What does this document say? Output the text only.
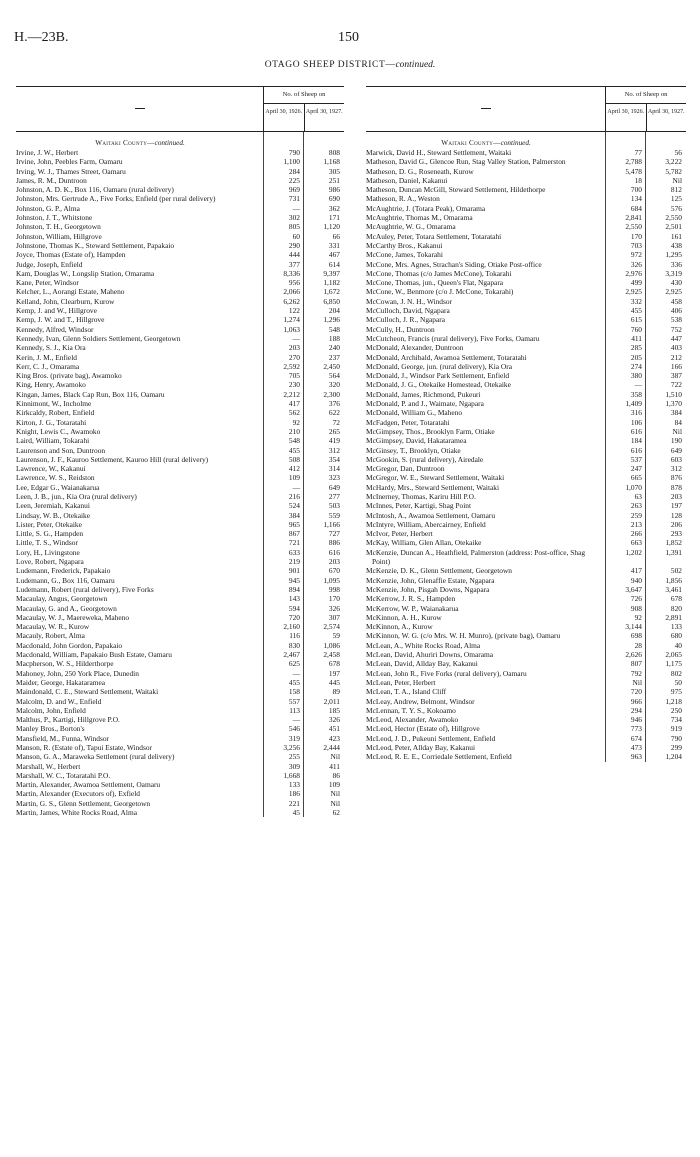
H.—23B.	150
OTAGO SHEEP DISTRICT—continued.
No. of Sheep on
April 30, 1926. April 30, 1927.
Waitaki County—continued.
Irvine, J. W., Herbert	790	808
Irvine, John, Peebles Farm, Oamaru	1,100	1,168
Irving, W. J., Thames Street, Oamaru	284	305
James, R. M., Duntroon	225	251
Johnston, A. D. K., Box 116, Oamaru (rural delivery)	969	986
Johnston, Mrs. Gertrude A., Five Forks, Enfield (per rural delivery)	731	690
Johnston, G. P., Alma	—	362
Johnston, J. T., Whitstone	302	171
Johnston, T. H., Georgetown	805	1,120
Johnston, William, Hillgrove	60	66
Johnstone, Thomas K., Steward Settlement, Papakaio	290	331
Joyce, Thomas (Estate of), Hampden	444	467
Judge, Joseph, Enfield	377	614
Kam, Douglas W., Longslip Station, Omarama	8,336	9,397
Kane, Peter, Windsor	956	1,182
Kelcher, L., Aorangi Estate, Maheno	2,066	1,672
Kelland, John, Clearburn, Kurow	6,262	6,850
Kemp, J. and W., Hillgrove	122	204
Kemp, J. W. and T., Hillgrove	1,274	1,296
Kennedy, Alfred, Windsor	1,063	548
Kennedy, Ivan, Glenn Soldiers Settlement, Georgetown	—	188
Kennedy, S. J., Kia Ora	203	240
Kerin, J. M., Enfield	270	237
Kerr, C. J., Omarama	2,592	2,450
King Bros. (private bag), Awamoko	705	564
King, Henry, Awamoko	230	320
Kingan, James, Black Cap Run, Box 116, Oamaru	2,212	2,300
Kinnimont, W., Incholme	417	376
Kirkcaldy, Robert, Enfield	562	622
Kirton, J. G., Totaratahi	92	72
Knight, Lewis C., Awamoko	210	265
Laird, William, Tokarahi	548	419
Laurenson and Son, Duntroon	455	312
Laurenson, J. F., Kauroo Settlement, Kauroo Hill (rural delivery)	508	354
Lawrence, W., Kakanui	412	314
Lawrence, W. S., Reidston	109	323
Lee, Edgar G., Waianakarua	—	649
Leen, J. B., jun., Kia Ora (rural delivery)	216	277
Leen, Jeremiah, Kakanui	524	503
Lindsay, W. B., Otekaike	384	559
Lister, Peter, Otekaike	965	1,166
Little, S. G., Hampden	867	727
Little, T. S., Windsor	721	886
Lory, H., Livingstone	633	616
Love, Robert, Ngapara	219	203
Ludemann, Frederick, Papakaio	901	670
Ludemann, G., Box 116, Oamaru	945	1,095
Ludemann, Robert (rural delivery), Five Forks	894	998
Macaulay, Angus, Georgetown	143	170
Macaulay, G. and A., Georgetown	594	326
Macaulay, W. J., Maereweka, Maheno	720	307
Macaulay, W. R., Kurow	2,160	2,574
Macauly, Robert, Alma	116	59
Macdonald, John Gordon, Papakaio	830	1,086
Macdonald, William, Papakaio Bush Estate, Oamaru	2,467	2,458
Macpherson, W. S., Hilderthorpe	625	678
Mahoney, John, 250 York Place, Dunedin	—	197
Maider, George, Hakataramea	455	445
Maindonald, C. E., Steward Settlement, Waitaki	158	89
Malcolm, D. and W., Enfield	557	2,011
Malcolm, John, Enfield	113	185
Malthus, P., Kartigi, Hillgrove P.O.	—	326
Manley Bros., Borton's	546	451
Mansfield, M., Funna, Windsor	319	423
Manson, R. (Estate of), Tapui Estate, Windsor	3,256	2,444
Manson, G. A., Maraweka Settlement (rural delivery)	255	Nil
Marshall, W., Herbert	309	411
Marshall, W. C., Totaratahi P.O.	1,668	86
Martin, Alexander, Awamoa Settlement, Oamaru	133	109
Martin, Alexander (Executors of), Exfield	186	Nil
Martin, G. S., Glenn Settlement, Georgetown	221	Nil
Martin, James, White Rocks Road, Alma	45	62
No. of Sheep on
April 30, 1926. April 30, 1927.
Waitaki County—continued.
Marwick, David H., Steward Settlement, Waitaki	77	56
Matheson, David G., Glencoe Run, Stag Valley Station, Palmerston	2,788	3,222
Matheson, D. G., Roseneath, Kurow	5,478	5,782
Matheson, Daniel, Kakanui	18	Nil
Matheson, Duncan McGill, Steward Settlement, Hildethorpe	700	812
Matheson, R. A., Weston	134	125
McAughtrie, J. (Totara Peak), Omarama	684	576
McAughtrie, Thomas M., Omarama	2,841	2,550
McAughtrie, W. G., Omarama	2,550	2,501
McAuley, Peter, Totara Settlement, Totaratahi	170	161
McCarthy Bros., Kakanui	703	438
McCone, James, Tokarahi	972	1,295
McCone, Mrs. Agnes, Strachan's Siding, Otiake Post-office	326	336
McCone, Thomas (c/o James McCone), Tokarahi	2,976	3,319
McCone, Thomas, jun., Queen's Flat, Ngapara	499	430
McCone, W., Benmore (c/o J. McCone, Tokarahi)	2,925	2,925
McCowan, J. N. H., Windsor	332	458
McCulloch, David, Ngapara	455	406
McCulloch, J. R., Ngapara	615	538
McCully, H., Duntroon	760	752
McCutcheon, Francis (rural delivery), Five Forks, Oamaru	411	447
McDonald, Alexander, Duntroon	285	403
McDonald, Archibald, Awamoa Settlement, Totaratahi	205	212
McDonald, George, jun. (rural delivery), Kia Ora	274	166
McDonald, J., Windsor Park Settlement, Enfield	380	387
McDonald, J. G., Otekaike Homestead, Otekaike	—	722
McDonald, James, Richmond, Pukeuri	358	1,510
McDonald, P. and J., Waimate, Ngapara	1,409	1,370
McDonald, William G., Maheno	316	384
McFadgen, Peter, Totaratahi	106	84
McGimpsey, Thos., Brooklyn Farm, Otiake	616	Nil
McGimpsey, David, Hakataramea	184	190
McGinsey, T., Brooklyn, Otiake	616	649
McGookin, S. (rural delivery), Airedale	537	603
McGregor, Dan, Duntroon	247	312
McGregor, W. E., Steward Settlement, Waitaki	665	876
McHardy, Mrs., Steward Settlement, Waitaki	1,070	878
McInerney, Thomas, Kariru Hill P.O.	63	203
McInnes, Peter, Kartigi, Shag Point	263	197
McIntosh, A., Awamoa Settlement, Oamaru	259	128
McIntyre, William, Abercairney, Enfield	213	206
McIvor, Peter, Herbert	266	293
McKay, William, Glen Allan, Otekaike	663	1,852
McKenzie, Duncan A., Heathfield, Palmerston (address: Post-office, Shag Point)
1,202	1,391
McKenzie, D. K., Glenn Settlement, Georgetown	417	502
McKenzie, John, Glenaffie Estate, Ngapara	940	1,856
McKenzie, John, Pisgah Downs, Ngapara	3,647	3,461
McKerrow, J. R. S., Hampden	726	678
McKerrow, W. P., Waianakarua	908	820
McKinnon, A. H., Kurow	92	2,891
McKinnon, A., Kurow	3,144	133
McKinnon, W. G. (c/o Mrs. W. H. Munro), (private bag), Oamaru	698	680
McLean, A., White Rocks Road, Alma	28	40
McLean, David, Ahuriri Downs, Omarama	2,626	2,065
McLean, David, Allday Bay, Kakanui	807	1,175
McLean, John R., Five Forks (rural delivery), Oamaru	792	802
McLean, Peter, Herbert	Nil	50
McLean, T. A., Island Cliff	720	975
McLeay, Andrew, Belmont, Windsor	966	1,218
McLennan, T. Y. S., Kokoamo	294	250
McLeod, Alexander, Awamoko	946	734
McLeod, Hector (Estate of), Hillgrove	773	919
McLeod, J. D., Pukeuni Settlement, Enfield	674	790
McLeod, Peter, Allday Bay, Kakanui	473	299
McLeod, R. E. E., Corriedale Settlement, Enfield	963	1,204
